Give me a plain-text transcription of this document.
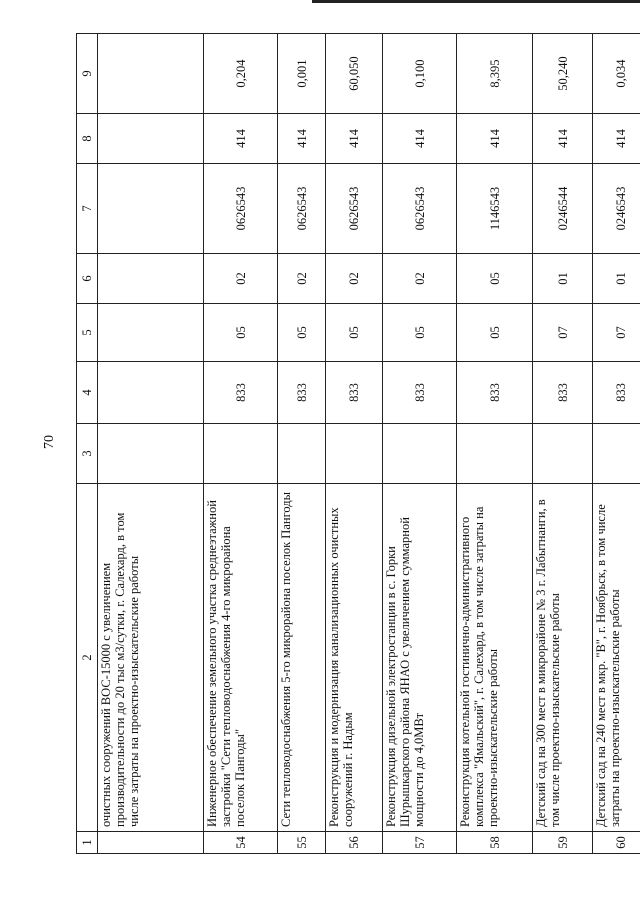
70
1	2	3	4	5	6	7	8	9
	очистных сооружений ВОС-15000 с увеличением производительности до 20 тыс м3/сутки, г. Салехард, в том числе затраты на проектно-изыскательские работы							
54	Инженерное обеспечение земельного участка среднеэтажной застройки "Сети тепловодоснабжения 4-го микрорайона поселок Пангоды"		833	05	02	0626543	414	0,204
55	Сети тепловодоснабжения 5-го микрорайона поселок Пангоды		833	05	02	0626543	414	0,001
56	Реконструкция и модернизация канализационных очистных сооружений г. Надым		833	05	02	0626543	414	60,050
57	Реконструкция дизельной электростанции в с. Горки Шурышкарского района ЯНАО с увеличением суммарной мощности до 4,0МВт		833	05	02	0626543	414	0,100
58	Реконструкция котельной гостинично-административного комплекса "Ямальский", г. Салехард, в том числе затраты на проектно-изыскательские работы		833	05	05	1146543	414	8,395
59	Детский сад на 300 мест в микрорайоне № 3 г. Лабытнанги, в том числе проектно-изыскательские работы		833	07	01	0246544	414	50,240
60	Детский сад на 240 мест в мкр. "В", г. Ноябрьск, в том числе затраты на проектно-изыскательские работы		833	07	01	0246543	414	0,034
